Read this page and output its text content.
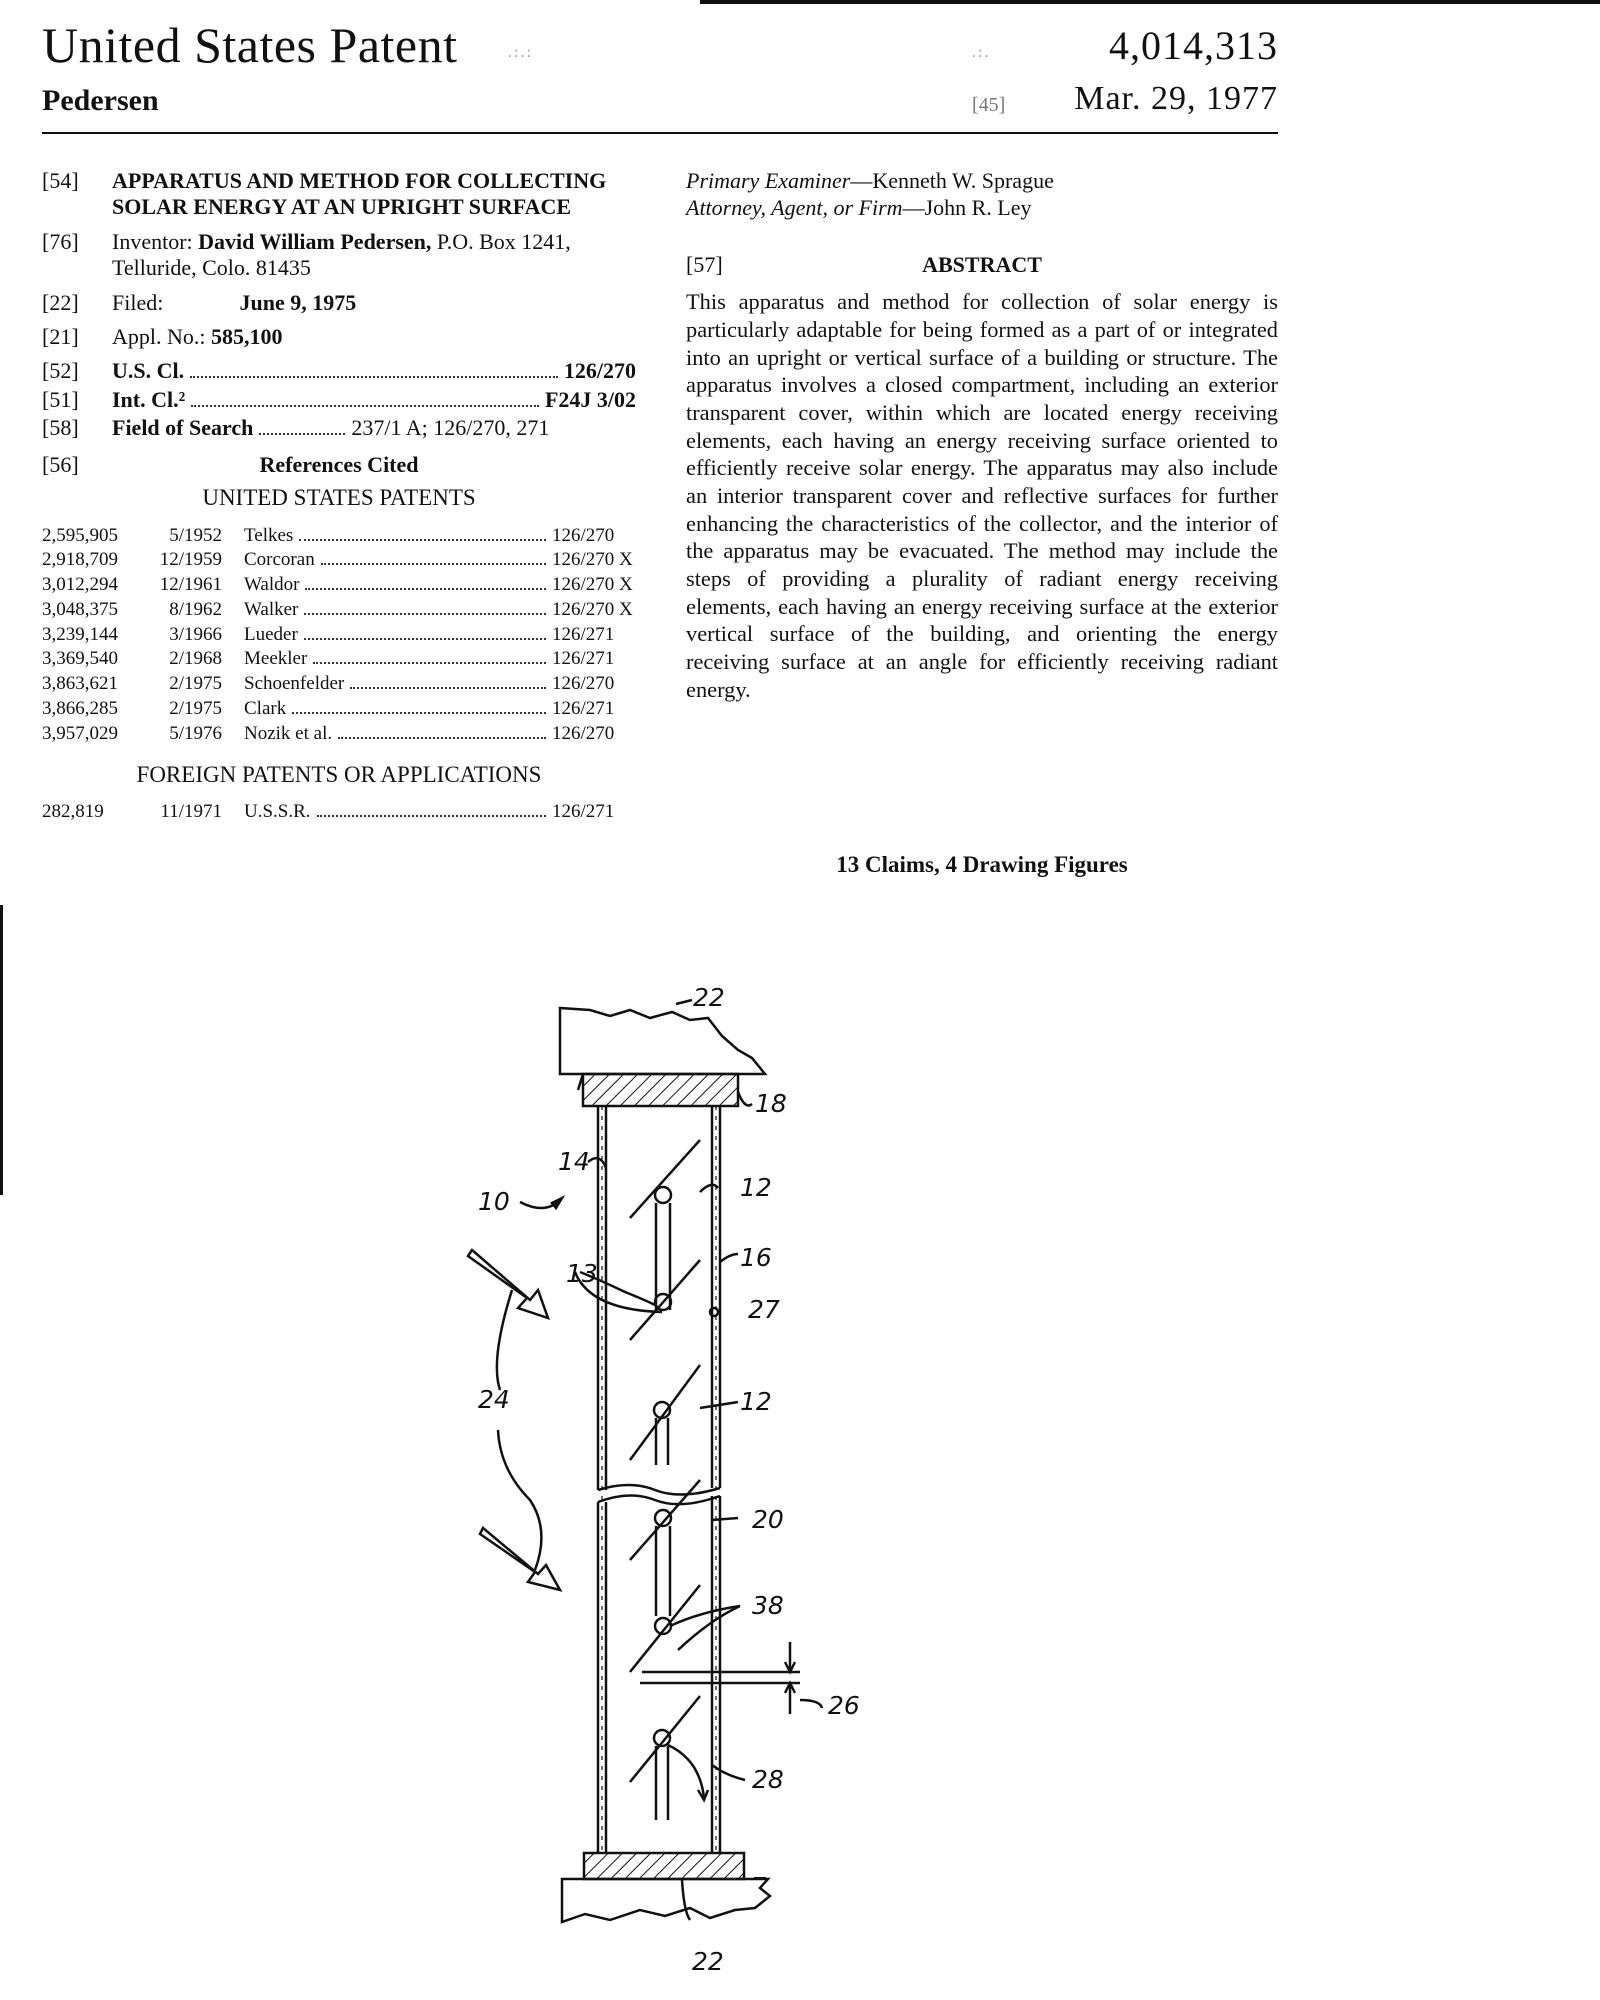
United States Patent	.:.:	.:.	4,014,313
Pedersen	[45] Mar. 29, 1977
[54]	APPARATUS AND METHOD FOR COLLECTING SOLAR ENERGY AT AN UPRIGHT SURFACE
[76]	Inventor: David William Pedersen, P.O. Box 1241, Telluride, Colo. 81435
[22]	Filed:	June 9, 1975
[21]	Appl. No.: 585,100
[52]	U.S. Cl.	126/270
[51]	Int. Cl.²	F24J 3/02
[58]	Field of Search	237/1 A; 126/270, 271
[56]	References Cited
UNITED STATES PATENTS
2,595,905	5/1952	Telkes	126/270
2,918,709	12/1959	Corcoran	126/270 X
3,012,294	12/1961	Waldor	126/270 X
3,048,375	8/1962	Walker	126/270 X
3,239,144	3/1966	Lueder	126/271
3,369,540	2/1968	Meekler	126/271
3,863,621	2/1975	Schoenfelder	126/270
3,866,285	2/1975	Clark	126/271
3,957,029	5/1976	Nozik et al.	126/270
FOREIGN PATENTS OR APPLICATIONS
282,819	11/1971	U.S.S.R.	126/271
Primary Examiner—Kenneth W. Sprague
Attorney, Agent, or Firm—John R. Ley
[57]	ABSTRACT
This apparatus and method for collection of solar energy is particularly adaptable for being formed as a part of or integrated into an upright or vertical surface of a building or structure. The apparatus involves a closed compartment, including an exterior transparent cover, within which are located energy receiving elements, each having an energy receiving surface oriented to efficiently receive solar energy. The apparatus may also include an interior transparent cover and reflective surfaces for further enhancing the characteristics of the collector, and the interior of the apparatus may be evacuated. The method may include the steps of providing a plurality of radiant energy receiving elements, each having an energy receiving surface at the exterior vertical surface of the building, and orienting the energy receiving surface at an angle for efficiently receiving radiant energy.
13 Claims, 4 Drawing Figures
22
18
14
10	12
16
13
27
24	12
20
38
26
28
22
